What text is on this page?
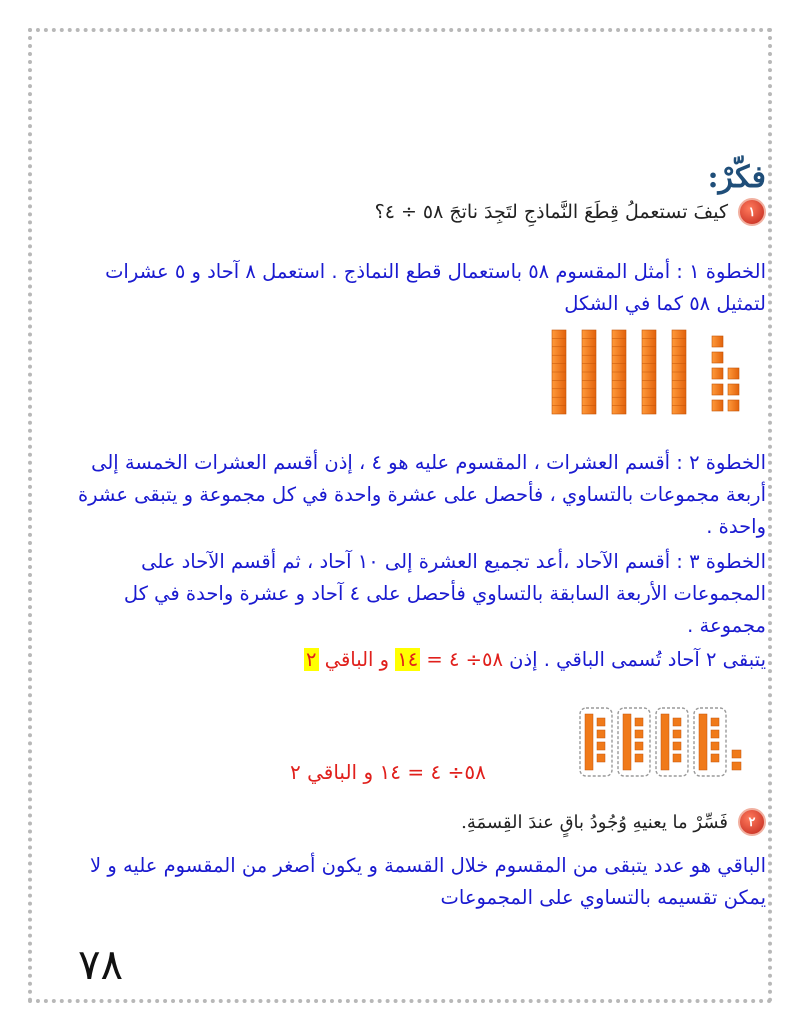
فكّرْ:
١
كيفَ تستعملُ قِطَعَ النَّماذجِ لتَجِدَ ناتجَ ٥٨ ÷ ٤؟
الخطوة ١ : أمثل المقسوم ٥٨ باستعمال قطع النماذج . استعمل ٨ آحاد و ٥ عشرات لتمثيل ٥٨ كما في الشكل
الخطوة ٢ : أقسم العشرات ، المقسوم عليه هو ٤ ، إذن أقسم العشرات الخمسة إلى أربعة مجموعات بالتساوي ، فأحصل على عشرة واحدة في كل مجموعة و يتبقى عشرة واحدة .
الخطوة ٣ : أقسم الآحاد ،أعد تجميع العشرة إلى ١٠ آحاد ، ثم أقسم الآحاد على المجموعات الأربعة السابقة بالتساوي فأحصل على ٤ آحاد و عشرة واحدة في كل مجموعة .
يتبقى ٢ آحاد تُسمى الباقي . إذن ٥٨÷ ٤ = ١٤ و الباقي ٢
٥٨÷ ٤ = ١٤ و الباقي ٢
٢
فَسِّرْ ما يعنيهِ وُجُودُ باقٍ عندَ القِسمَةِ.
الباقي هو عدد يتبقى من المقسوم خلال القسمة و يكون أصغر من المقسوم عليه و لا يمكن تقسيمه بالتساوي على المجموعات
٧٨
